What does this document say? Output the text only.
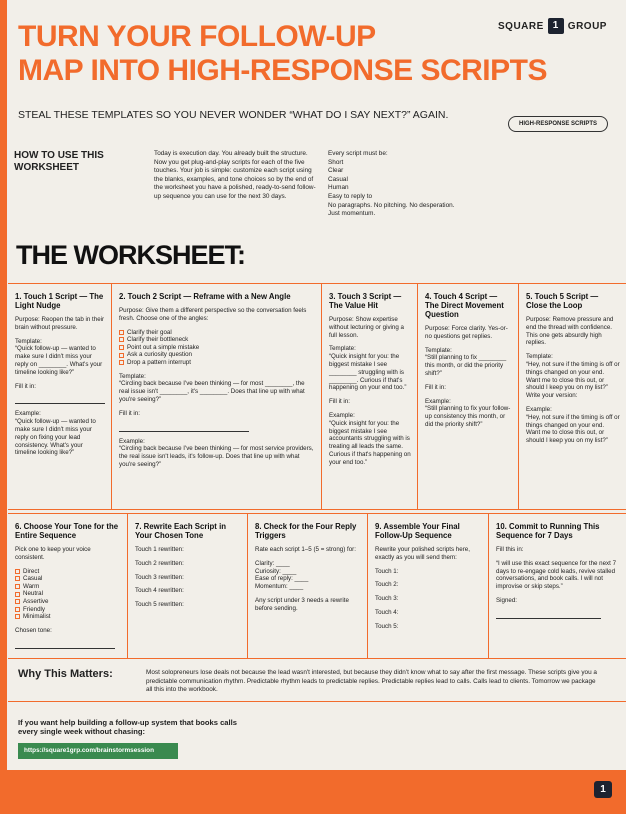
SQUARE 1 GROUP
TURN YOUR FOLLOW-UP
MAP INTO HIGH-RESPONSE SCRIPTS
STEAL THESE TEMPLATES SO YOU NEVER WONDER “WHAT DO I SAY NEXT?” AGAIN.
HIGH-RESPONSE SCRIPTS
HOW TO USE THIS WORKSHEET
Today is execution day. You already built the structure. Now you get plug-and-play scripts for each of the five touches. Your job is simple: customize each script using the blanks, examples, and tone choices so by the end of the worksheet you have a polished, ready-to-send follow-up sequence you can use for the next 30 days.
Every script must be:
Short
Clear
Casual
Human
Easy to reply to
No paragraphs. No pitching. No desperation.
Just momentum.
THE WORKSHEET:
1. Touch 1 Script — The Light Nudge

Purpose: Reopen the tab in their brain without pressure.

Template:
“Quick follow-up — wanted to make sure I didn't miss your reply on ________. What's your timeline looking like?”

Fill it in:

Example:
“Quick follow-up — wanted to make sure I didn't miss your reply on fixing your lead consistency. What's your timeline looking like?”

2. Touch 2 Script — Reframe with a New Angle

Purpose: Give them a different perspective so the conversation feels fresh. Choose one of the angles:

Clarify their goal
Clarify their bottleneck
Point out a simple mistake
Ask a curiosity question
Drop a pattern interrupt

Template:
“Circling back because I've been thinking — for most ________, the real issue isn't ________, it's ________. Does that line up with what you're seeing?”

Fill it in:

Example:
“Circling back because I've been thinking — for most service providers, the real issue isn't leads, it's follow-up. Does that line up with what you're seeing?”

3. Touch 3 Script — The Value Hit

Purpose: Show expertise without lecturing or giving a full lesson.

Template:
“Quick insight for you: the biggest mistake I see ________ struggling with is ________. Curious if that's happening on your end too.”

Fill it in:

Example:
“Quick insight for you: the biggest mistake I see accountants struggling with is treating all leads the same. Curious if that's happening on your end too.”

4. Touch 4 Script — The Direct Movement Question

Purpose: Force clarity. Yes-or-no questions get replies.

Template:
“Still planning to fix ________ this month, or did the priority shift?”

Fill it in:

Example:
“Still planning to fix your follow-up consistency this month, or did the priority shift?”

5. Touch 5 Script — Close the Loop

Purpose: Remove pressure and end the thread with confidence. This one gets absurdly high replies.

Template:
“Hey, not sure if the timing is off or things changed on your end. Want me to close this out, or should I keep you on my list?”
Write your version:

Example:
“Hey, not sure if the timing is off or things changed on your end. Want me to close this out, or should I keep you on my list?”

6. Choose Your Tone for the Entire Sequence

Pick one to keep your voice consistent.

Direct
Casual
Warm
Neutral
Assertive
Friendly
Minimalist

Chosen tone:

7. Rewrite Each Script in Your Chosen Tone

Touch 1 rewritten:

Touch 2 rewritten:

Touch 3 rewritten:

Touch 4 rewritten:

Touch 5 rewritten:

8. Check for the Four Reply Triggers

Rate each script 1–5 (5 = strong) for:

Clarity: ____
Curiosity: ____
Ease of reply: ____
Momentum: ____

Any script under 3 needs a rewrite before sending.

9. Assemble Your Final Follow-Up Sequence

Rewrite your polished scripts here, exactly as you will send them:

Touch 1:

Touch 2:

Touch 3:

Touch 4:

Touch 5:

10. Commit to Running This Sequence for 7 Days

Fill this in:

“I will use this exact sequence for the next 7 days to re-engage cold leads, revive stalled conversations, and book calls. I will not improvise or skip steps.”

Signed:

Why This Matters:	Most solopreneurs lose deals not because the lead wasn't interested, but because they didn't know what to say after the first message. These scripts give you a predictable communication rhythm. Predictable rhythm leads to predictable replies. Predictable replies lead to calls. Calls lead to clients. Tomorrow we package all this into the workbook.
If you want help building a follow-up system that books calls every single week without chasing:
https://square1grp.com/brainstormsession
1
